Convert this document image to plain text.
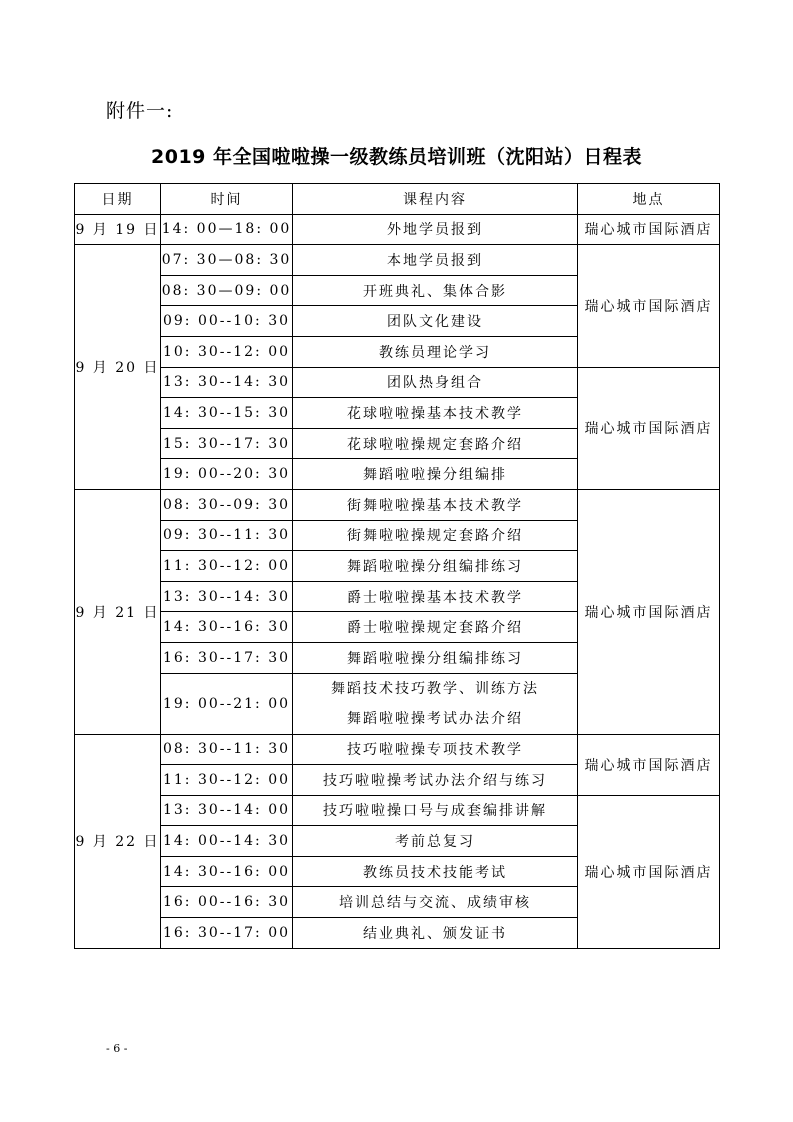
附件一:
2019 年全国啦啦操一级教练员培训班（沈阳站）日程表
日期	时间	课程内容	地点
9 月 19 日	14: 00—18: 00	外地学员报到	瑞心城市国际酒店
9 月 20 日	07: 30—08: 30	本地学员报到	瑞心城市国际酒店
	08: 30—09: 00	开班典礼、集体合影	
	09: 00--10: 30	团队文化建设	
	10: 30--12: 00	教练员理论学习	
	13: 30--14: 30	团队热身组合	瑞心城市国际酒店
	14: 30--15: 30	花球啦啦操基本技术教学	
	15: 30--17: 30	花球啦啦操规定套路介绍	
	19: 00--20: 30	舞蹈啦啦操分组编排	
9 月 21 日	08: 30--09: 30	街舞啦啦操基本技术教学	瑞心城市国际酒店
	09: 30--11: 30	街舞啦啦操规定套路介绍	
	11: 30--12: 00	舞蹈啦啦操分组编排练习	
	13: 30--14: 30	爵士啦啦操基本技术教学	
	14: 30--16: 30	爵士啦啦操规定套路介绍	
	16: 30--17: 30	舞蹈啦啦操分组编排练习	
	19: 00--21: 00	舞蹈技术技巧教学、训练方法
舞蹈啦啦操考试办法介绍	

9 月 22 日	08: 30--11: 30	技巧啦啦操专项技术教学	瑞心城市国际酒店
	11: 30--12: 00	技巧啦啦操考试办法介绍与练习	
	13: 30--14: 00	技巧啦啦操口号与成套编排讲解	瑞心城市国际酒店
	14: 00--14: 30	考前总复习	
	14: 30--16: 00	教练员技术技能考试	
	16: 00--16: 30	培训总结与交流、成绩审核	
	16: 30--17: 00	结业典礼、颁发证书	
- 6 -
